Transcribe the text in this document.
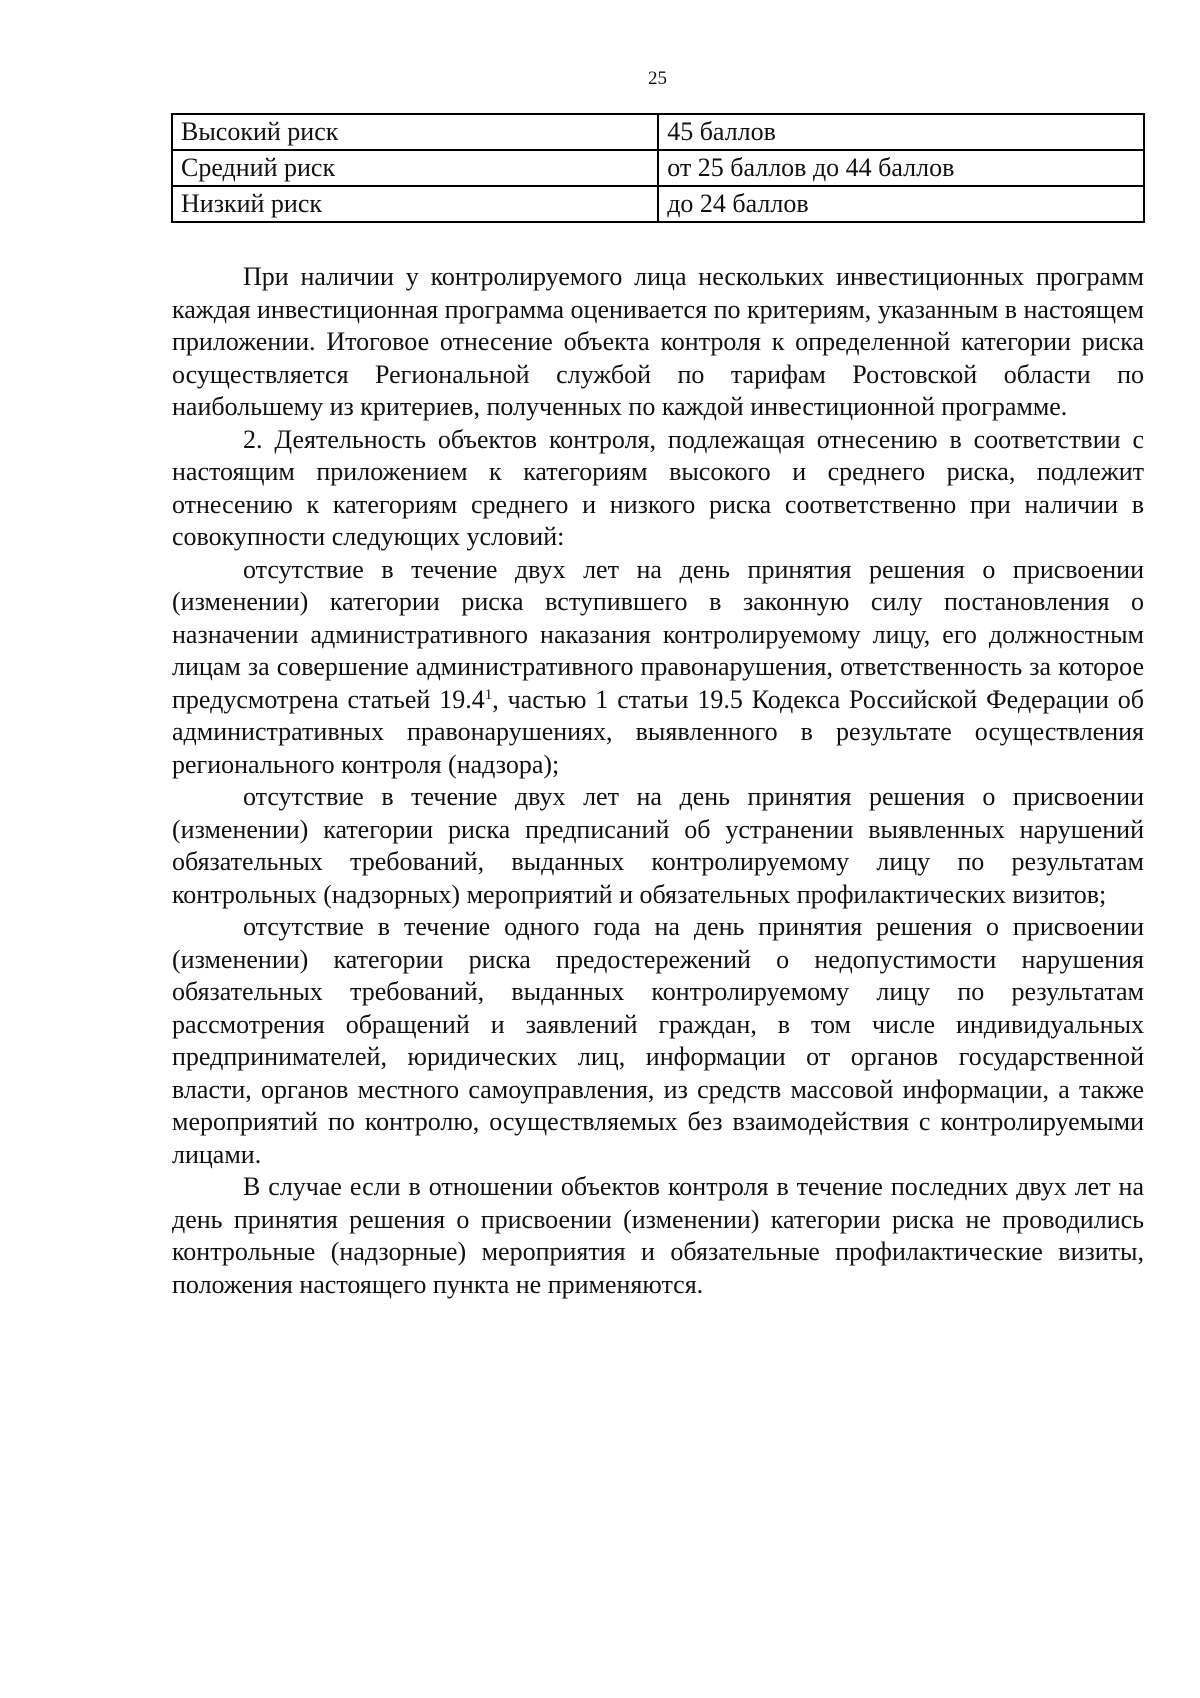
25
Высокий риск	45 баллов
Средний риск	от 25 баллов до 44 баллов
Низкий риск	до 24 баллов

При наличии у контролируемого лица нескольких инвестиционных программ каждая инвестиционная программа оценивается по критериям, указанным в настоящем приложении. Итоговое отнесение объекта контроля к определенной категории риска осуществляется Региональной службой по тарифам Ростовской области по наибольшему из критериев, полученных по каждой инвестиционной программе.

2. Деятельность объектов контроля, подлежащая отнесению в соответствии с настоящим приложением к категориям высокого и среднего риска, подлежит отнесению к категориям среднего и низкого риска соответственно при наличии в совокупности следующих условий:

отсутствие в течение двух лет на день принятия решения о присвоении (изменении) категории риска вступившего в законную силу постановления о назначении административного наказания контролируемому лицу, его должностным лицам за совершение административного правонарушения, ответственность за которое предусмотрена статьей 19.4$^1$, частью 1 статьи 19.5 Кодекса Российской Федерации об административных правонарушениях, выявленного в результате осуществления регионального контроля (надзора);

отсутствие в течение двух лет на день принятия решения о присвоении (изменении) категории риска предписаний об устранении выявленных нарушений обязательных требований, выданных контролируемому лицу по результатам контрольных (надзорных) мероприятий и обязательных профилактических визитов;

отсутствие в течение одного года на день принятия решения о присвоении (изменении) категории риска предостережений о недопустимости нарушения обязательных требований, выданных контролируемому лицу по результатам рассмотрения обращений и заявлений граждан, в том числе индивидуальных предпринимателей, юридических лиц, информации от органов государственной власти, органов местного самоуправления, из средств массовой информации, а также мероприятий по контролю, осуществляемых без взаимодействия с контролируемыми лицами.

В случае если в отношении объектов контроля в течение последних двух лет на день принятия решения о присвоении (изменении) категории риска не проводились контрольные (надзорные) мероприятия и обязательные профилактические визиты, положения настоящего пункта не применяются.
